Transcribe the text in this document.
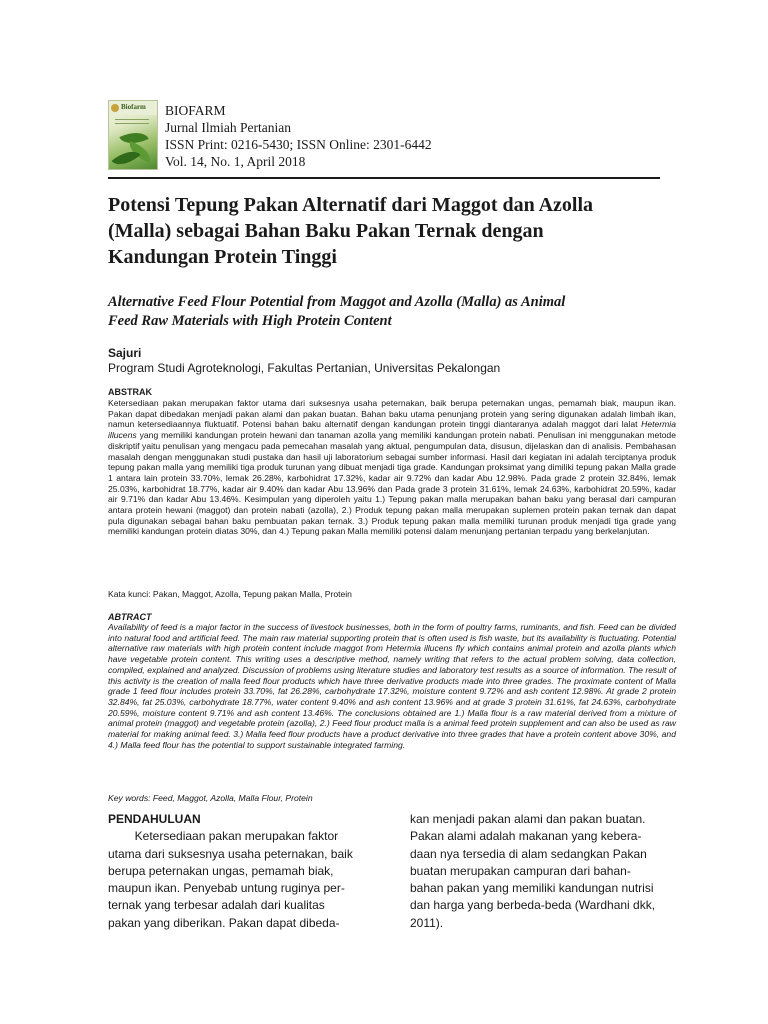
Biofarm BIOFARM
Jurnal Ilmiah Pertanian
ISSN Print: 0216-5430; ISSN Online: 2301-6442
Vol. 14, No. 1, April 2018
Potensi Tepung Pakan Alternatif dari Maggot dan Azolla
(Malla) sebagai Bahan Baku Pakan Ternak dengan
Kandungan Protein Tinggi
Alternative Feed Flour Potential from Maggot and Azolla (Malla) as Animal
Feed Raw Materials with High Protein Content
Sajuri
Program Studi Agroteknologi, Fakultas Pertanian, Universitas Pekalongan
ABSTRAK
Ketersediaan pakan merupakan faktor utama dari suksesnya usaha peternakan, baik berupa peternakan ungas, pemamah biak, maupun ikan. Pakan dapat dibedakan menjadi pakan alami dan pakan buatan. Bahan baku utama penunjang protein yang sering digunakan adalah limbah ikan, namun ketersediaannya fluktuatif. Potensi bahan baku alternatif dengan kandungan protein tinggi diantaranya adalah maggot dari lalat Hetermia illucens yang memiliki kandungan protein hewani dan tanaman azolla yang memiliki kandungan protein nabati. Penulisan ini menggunakan metode diskriptif yaitu penulisan yang mengacu pada pemecahan masalah yang aktual, pengumpulan data, disusun, dijelaskan dan di analisis. Pembahasan masalah dengan menggunakan studi pustaka dan hasil uji laboratorium sebagai sumber informasi. Hasil dari kegiatan ini adalah terciptanya produk tepung pakan malla yang memiliki tiga produk turunan yang dibuat menjadi tiga grade. Kandungan proksimat yang dimiliki tepung pakan Malla grade 1 antara lain protein 33.70%, lemak 26.28%, karbohidrat 17.32%, kadar air 9.72% dan kadar Abu 12.98%. Pada grade 2 protein 32.84%, lemak 25.03%, karbohidrat 18.77%, kadar air 9.40% dan kadar Abu 13.96% dan Pada grade 3 protein 31.61%, lemak 24.63%, karbohidrat 20.59%, kadar air 9.71% dan kadar Abu 13.46%. Kesimpulan yang diperoleh yaitu 1.) Tepung pakan malla merupakan bahan baku yang berasal dari campuran antara protein hewani (maggot) dan protein nabati (azolla), 2.) Produk tepung pakan malla merupakan suplemen protein pakan ternak dan dapat pula digunakan sebagai bahan baku pembuatan pakan ternak. 3.) Produk tepung pakan malla memiliki turunan produk menjadi tiga grade yang memiliki kandungan protein diatas 30%, dan 4.) Tepung pakan Malla memiliki potensi dalam menunjang pertanian terpadu yang berkelanjutan.
Kata kunci: Pakan, Maggot, Azolla, Tepung pakan Malla, Protein
ABTRACT
Availability of feed is a major factor in the success of livestock businesses, both in the form of poultry farms, ruminants, and fish. Feed can be divided into natural food and artificial feed. The main raw material supporting protein that is often used is fish waste, but its availability is fluctuating. Potential alternative raw materials with high protein content include maggot from Hetermia illucens fly which contains animal protein and azolla plants which have vegetable protein content. This writing uses a descriptive method, namely writing that refers to the actual problem solving, data collection, compiled, explained and analyzed. Discussion of problems using literature studies and laboratory test results as a source of information. The result of this activity is the creation of malla feed flour products which have three derivative products made into three grades. The proximate content of Malla grade 1 feed flour includes protein 33.70%, fat 26.28%, carbohydrate 17.32%, moisture content 9.72% and ash content 12.98%. At grade 2 protein 32.84%, fat 25.03%, carbohydrate 18.77%, water content 9.40% and ash content 13.96% and at grade 3 protein 31.61%, fat 24.63%, carbohydrate 20.59%, moisture content 9.71% and ash content 13.46%. The conclusions obtained are 1.) Malla flour is a raw material derived from a mixture of animal protein (maggot) and vegetable protein (azolla), 2.) Feed flour product malla is a animal feed protein supplement and can also be used as raw material for making animal feed. 3.) Malla feed flour products have a product derivative into three grades that have a protein content above 30%, and 4.) Malla feed flour has the potential to support sustainable integrated farming.
Key words: Feed, Maggot, Azolla, Malla Flour, Protein
PENDAHULUAN
Ketersediaan pakan merupakan faktor
utama dari suksesnya usaha peternakan, baik
berupa peternakan ungas, pemamah biak,
maupun ikan. Penyebab untung ruginya per-
ternak yang terbesar adalah dari kualitas
pakan yang diberikan. Pakan dapat dibeda-
kan menjadi pakan alami dan pakan buatan.
Pakan alami adalah makanan yang kebera-
daan nya tersedia di alam sedangkan Pakan
buatan merupakan campuran dari bahan-
bahan pakan yang memiliki kandungan nutrisi
dan harga yang berbeda-beda (Wardhani dkk,
2011).
